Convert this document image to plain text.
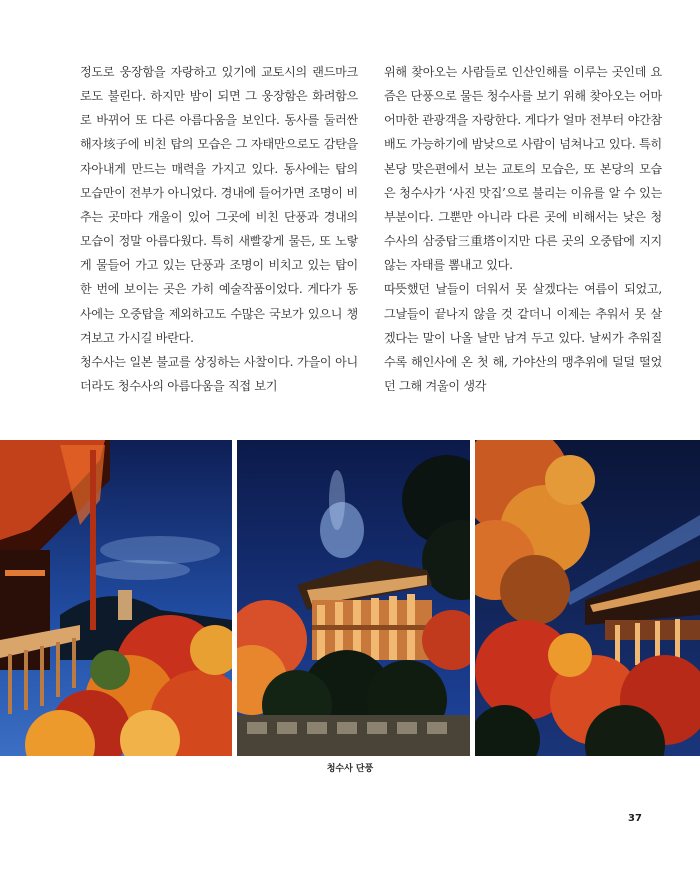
정도로 웅장함을 자랑하고 있기에 교토시의 랜드마크로도 불린다. 하지만 밤이 되면 그 웅장함은 화려함으로 바뀌어 또 다른 아름다움을 보인다. 동사를 둘러싼 해자垓子에 비친 탑의 모습은 그 자태만으로도 감탄을 자아내게 만드는 매력을 가지고 있다. 동사에는 탑의 모습만이 전부가 아니었다. 경내에 들어가면 조명이 비추는 곳마다 개울이 있어 그곳에 비친 단풍과 경내의 모습이 정말 아름다웠다. 특히 새빨갛게 물든, 또 노랗게 물들어 가고 있는 단풍과 조명이 비치고 있는 탑이 한 번에 보이는 곳은 가히 예술작품이었다. 게다가 동사에는 오중탑을 제외하고도 수많은 국보가 있으니 챙겨보고 가시길 바란다.

청수사는 일본 불교를 상징하는 사찰이다. 가을이 아니더라도 청수사의 아름다움을 직접 보기

위해 찾아오는 사람들로 인산인해를 이루는 곳인데 요즘은 단풍으로 물든 청수사를 보기 위해 찾아오는 어마어마한 관광객을 자랑한다. 게다가 얼마 전부터 야간참배도 가능하기에 밤낮으로 사람이 넘쳐나고 있다. 특히 본당 맞은편에서 보는 교토의 모습은, 또 본당의 모습은 청수사가 ‘사진 맛집’으로 불리는 이유를 알 수 있는 부분이다. 그뿐만 아니라 다른 곳에 비해서는 낮은 청수사의 삼중탑三重塔이지만 다른 곳의 오중탑에 지지 않는 자태를 뽐내고 있다.

따뜻했던 날들이 더워서 못 살겠다는 여름이 되었고, 그날들이 끝나지 않을 것 같더니 이제는 추워서 못 살겠다는 말이 나올 날만 남겨 두고 있다. 날씨가 추워질수록 해인사에 온 첫 해, 가야산의 맹추위에 덜덜 떨었던 그해 겨울이 생각

청수사 단풍
37
